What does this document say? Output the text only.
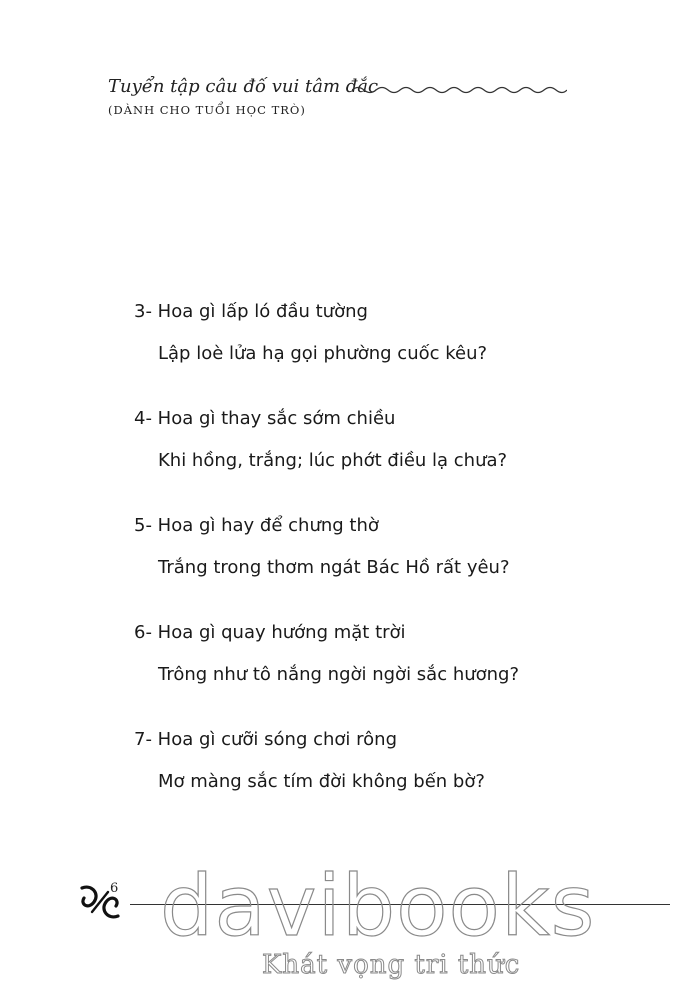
Tuyển tập câu đố vui tâm đắc
(DÀNH CHO TUỔI HỌC TRÒ)
3- Hoa gì lấp ló đầu tường
Lập loè lửa hạ gọi phường cuốc kêu?
4- Hoa gì thay sắc sớm chiều
Khi hồng, trắng; lúc phớt điều lạ chưa?
5- Hoa gì hay để chưng thờ
Trắng trong thơm ngát Bác Hồ rất yêu?
6- Hoa gì quay hướng mặt trời
Trông như tô nắng ngời ngời sắc hương?
7- Hoa gì cưỡi sóng chơi rông
Mơ màng sắc tím đời không bến bờ?
6 davibooks
Khát vọng tri thức
